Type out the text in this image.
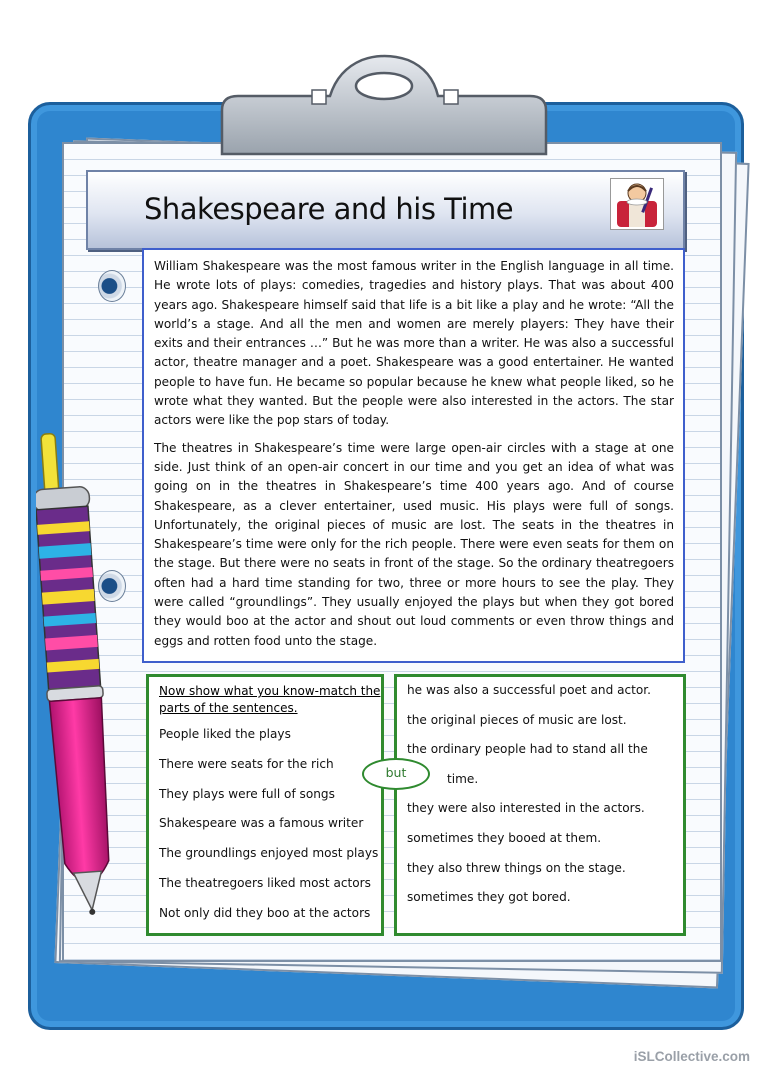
Shakespeare and his Time

William Shakespeare was the most famous writer in the English language in all time. He wrote lots of plays: comedies, tragedies and history plays. That was about 400 years ago. Shakespeare himself said that life is a bit like a play and he wrote: “All the world’s a stage. And all the men and women are merely players: They have their exits and their entrances …” But he was more than a writer. He was also a successful actor, theatre manager and a poet. Shakespeare was a good entertainer. He wanted people to have fun. He became so popular because he knew what people liked, so he wrote what they wanted. But the people were also interested in the actors. The star actors were like the pop stars of today.

The theatres in Shakespeare’s time were large open-air circles with a stage at one side. Just think of an open-air concert in our time and you get an idea of what was going on in the theatres in Shakespeare’s time 400 years ago. And of course Shakespeare, as a clever entertainer, used music. His plays were full of songs. Unfortunately, the original pieces of music are lost. The seats in the theatres in Shakespeare’s time were only for the rich people. There were even seats for them on the stage. But there were no seats in front of the stage. So the ordinary theatregoers often had a hard time standing for two, three or more hours to see the play. They were called “groundlings”. They usually enjoyed the plays but when they got bored they would boo at the actor and shout out loud comments or even throw things and eggs and rotten food unto the stage.

Now show what you know-match the parts of the sentences.
People liked the plays
There were seats for the rich
They plays were full of songs
Shakespeare was a famous writer
The groundlings enjoyed most plays
The theatregoers liked most actors
Not only did they boo at the actors
he was also a successful poet and actor.
the original pieces of music are lost.
the ordinary people had to stand all the
time.
they were also interested in the actors.
sometimes they booed at them.
they also threw things on the stage.
sometimes they got bored.
but
iSLCollective.com
